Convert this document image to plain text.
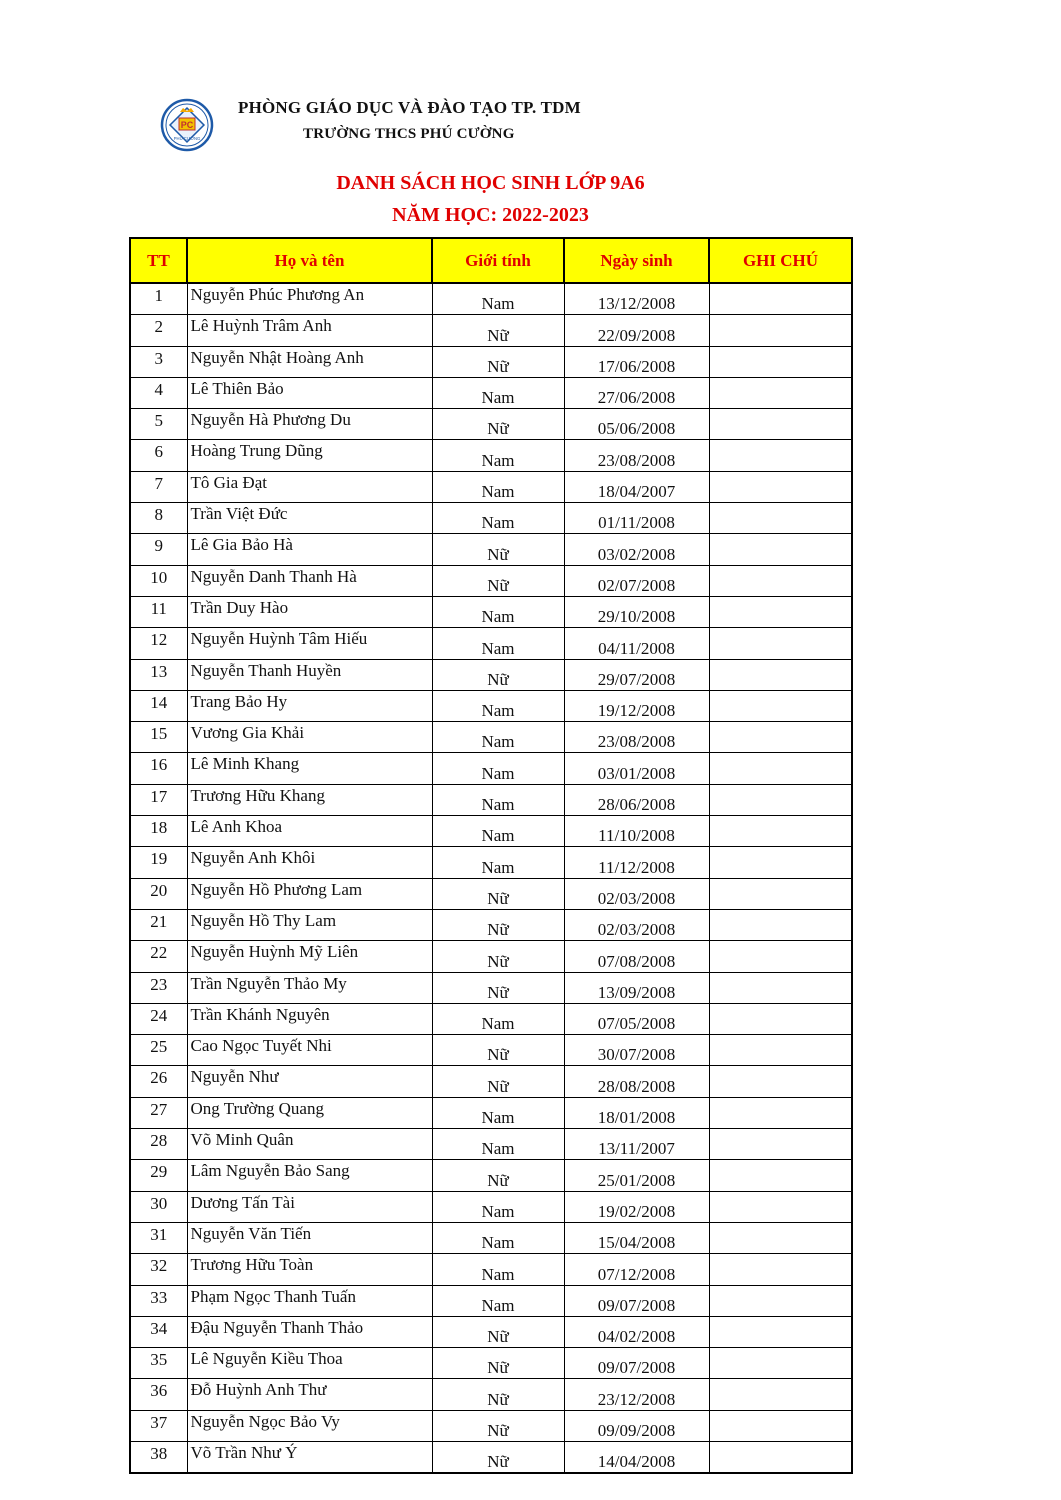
PC
PHÚ CƯỜNG
PHÒNG GIÁO DỤC VÀ ĐÀO TẠO TP. TDM
TRƯỜNG THCS PHÚ CƯỜNG
DANH SÁCH HỌC SINH LỚP 9A6
NĂM HỌC: 2022-2023
TT	Họ và tên	Giới tính	Ngày sinh	GHI CHÚ
1	Nguyễn Phúc Phương An	Nam	13/12/2008	
2	Lê Huỳnh Trâm Anh	Nữ	22/09/2008	
3	Nguyễn Nhật Hoàng Anh	Nữ	17/06/2008	
4	Lê Thiên Bảo	Nam	27/06/2008	
5	Nguyễn Hà Phương Du	Nữ	05/06/2008	
6	Hoàng Trung Dũng	Nam	23/08/2008	
7	Tô Gia Đạt	Nam	18/04/2007	
8	Trần Việt Đức	Nam	01/11/2008	
9	Lê Gia Bảo Hà	Nữ	03/02/2008	
10	Nguyễn Danh Thanh Hà	Nữ	02/07/2008	
11	Trần Duy Hào	Nam	29/10/2008	
12	Nguyễn Huỳnh Tâm Hiếu	Nam	04/11/2008	
13	Nguyễn Thanh Huyền	Nữ	29/07/2008	
14	Trang Bảo Hy	Nam	19/12/2008	
15	Vương Gia Khải	Nam	23/08/2008	
16	Lê Minh Khang	Nam	03/01/2008	
17	Trương Hữu Khang	Nam	28/06/2008	
18	Lê Anh Khoa	Nam	11/10/2008	
19	Nguyễn Anh Khôi	Nam	11/12/2008	
20	Nguyễn Hồ Phương Lam	Nữ	02/03/2008	
21	Nguyễn Hồ Thy Lam	Nữ	02/03/2008	
22	Nguyễn Huỳnh Mỹ Liên	Nữ	07/08/2008	
23	Trần Nguyễn Thảo My	Nữ	13/09/2008	
24	Trần Khánh Nguyên	Nam	07/05/2008	
25	Cao Ngọc Tuyết Nhi	Nữ	30/07/2008	
26	Nguyễn Như	Nữ	28/08/2008	
27	Ong Trường Quang	Nam	18/01/2008	
28	Võ Minh Quân	Nam	13/11/2007	
29	Lâm Nguyễn Bảo Sang	Nữ	25/01/2008	
30	Dương Tấn Tài	Nam	19/02/2008	
31	Nguyễn Văn Tiến	Nam	15/04/2008	
32	Trương Hữu Toàn	Nam	07/12/2008	
33	Phạm Ngọc Thanh Tuấn	Nam	09/07/2008	
34	Đậu Nguyễn Thanh Thảo	Nữ	04/02/2008	
35	Lê Nguyễn Kiều Thoa	Nữ	09/07/2008	
36	Đỗ Huỳnh Anh Thư	Nữ	23/12/2008	
37	Nguyễn Ngọc Bảo Vy	Nữ	09/09/2008	
38	Võ Trần Như Ý	Nữ	14/04/2008	
